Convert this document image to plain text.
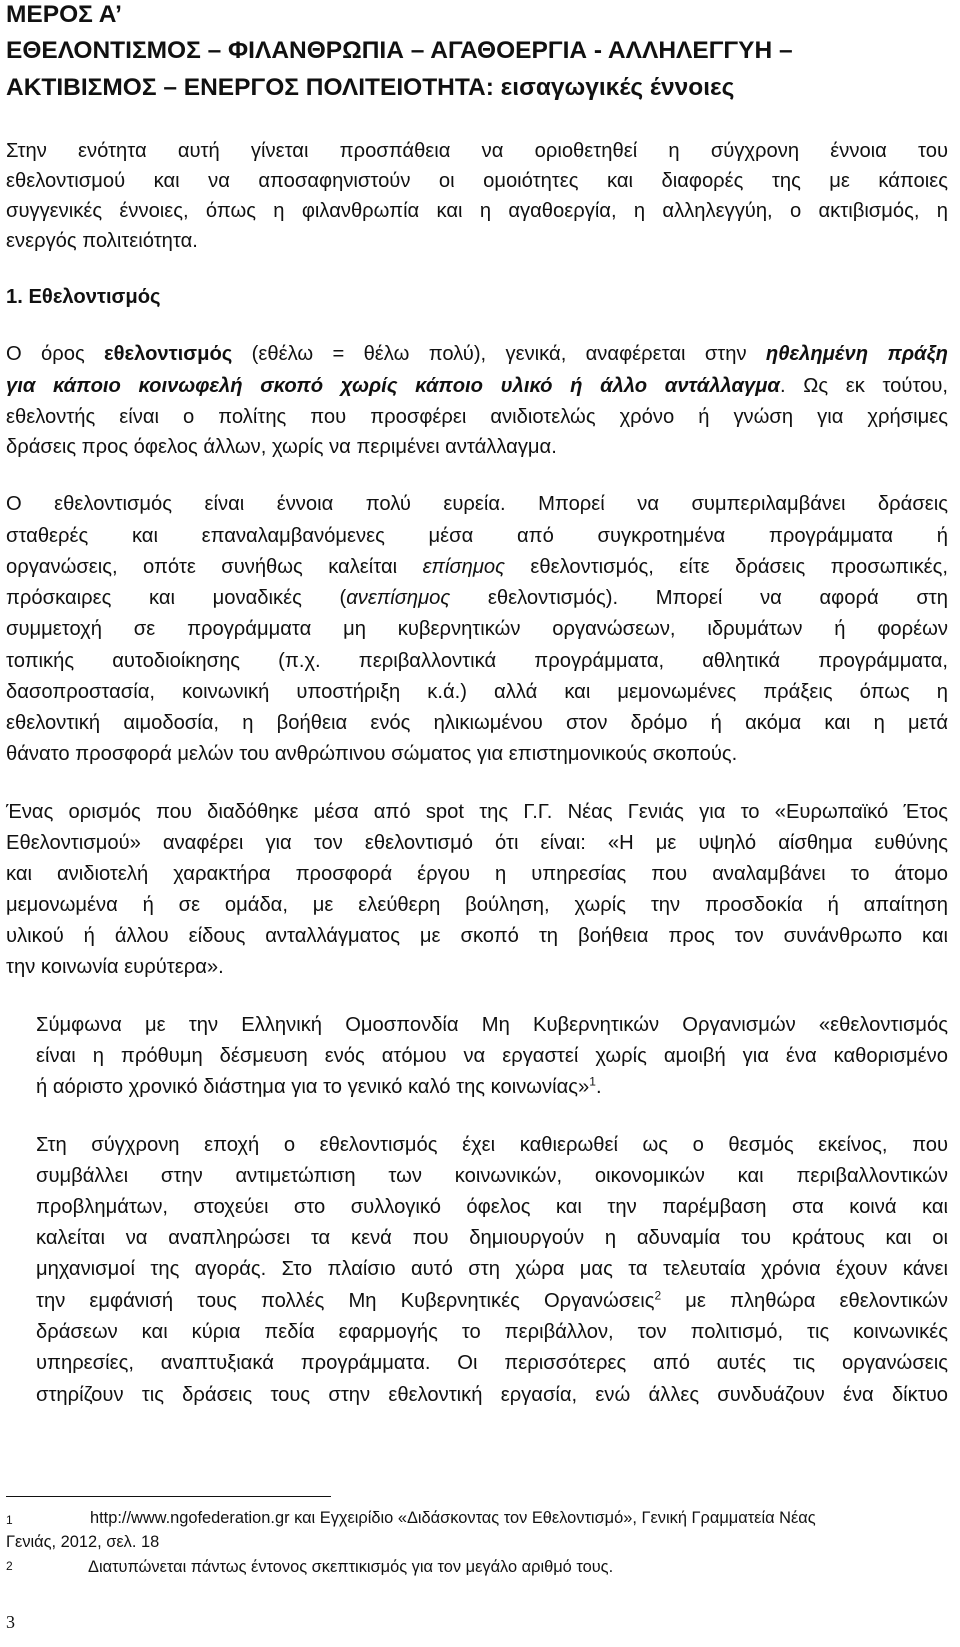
ΜΕΡΟΣ Α’
ΕΘΕΛΟΝΤΙΣΜΟΣ – ΦΙΛΑΝΘΡΩΠΙΑ – ΑΓΑΘΟΕΡΓΙΑ - ΑΛΛΗΛΕΓΓΥΗ –
ΑΚΤΙΒΙΣΜΟΣ – ΕΝΕΡΓΟΣ ΠΟΛΙΤΕΙΟΤΗΤΑ: εισαγωγικές έννοιες
Στην ενότητα αυτή γίνεται προσπάθεια να οριοθετηθεί η σύγχρονη έννοια του
εθελοντισμού και να αποσαφηνιστούν οι ομοιότητες και διαφορές της με κάποιες
συγγενικές έννοιες, όπως η φιλανθρωπία και η αγαθοεργία, η αλληλεγγύη, ο ακτιβισμός, η
ενεργός πολιτειότητα.
1. Εθελοντισμός
Ο όρος εθελοντισμός (εθέλω = θέλω πολύ), γενικά, αναφέρεται στην ηθελημένη πράξη
για κάποιο κοινωφελή σκοπό χωρίς κάποιο υλικό ή άλλο αντάλλαγμα. Ως εκ τούτου,
εθελοντής είναι ο πολίτης που προσφέρει ανιδιοτελώς χρόνο ή γνώση για χρήσιμες
δράσεις προς όφελος άλλων, χωρίς να περιμένει αντάλλαγμα.
Ο εθελοντισμός είναι έννοια πολύ ευρεία. Μπορεί να συμπεριλαμβάνει δράσεις
σταθερές και επαναλαμβανόμενες μέσα από συγκροτημένα προγράμματα ή
οργανώσεις, οπότε συνήθως καλείται επίσημος εθελοντισμός, είτε δράσεις προσωπικές,
πρόσκαιρες και μοναδικές (ανεπίσημος εθελοντισμός). Μπορεί να αφορά στη
συμμετοχή σε προγράμματα μη κυβερνητικών οργανώσεων, ιδρυμάτων ή φορέων
τοπικής αυτοδιοίκησης (π.χ. περιβαλλοντικά προγράμματα, αθλητικά προγράμματα,
δασοπροστασία, κοινωνική υποστήριξη κ.ά.) αλλά και μεμονωμένες πράξεις όπως η
εθελοντική αιμοδοσία, η βοήθεια ενός ηλικιωμένου στον δρόμο ή ακόμα και η μετά
θάνατο προσφορά μελών του ανθρώπινου σώματος για επιστημονικούς σκοπούς.
Ένας ορισμός που διαδόθηκε μέσα από spot της Γ.Γ. Νέας Γενιάς για το «Ευρωπαϊκό Έτος
Εθελοντισμού» αναφέρει για τον εθελοντισμό ότι είναι: «Η με υψηλό αίσθημα ευθύνης
και ανιδιοτελή χαρακτήρα προσφορά έργου η υπηρεσίας που αναλαμβάνει το άτομο
μεμονωμένα ή σε ομάδα, με ελεύθερη βούληση, χωρίς την προσδοκία ή απαίτηση
υλικού ή άλλου είδους ανταλλάγματος με σκοπό τη βοήθεια προς τον συνάνθρωπο και
την κοινωνία ευρύτερα».
Σύμφωνα με την Ελληνική Ομοσπονδία Μη Κυβερνητικών Οργανισμών «εθελοντισμός
είναι η πρόθυμη δέσμευση ενός ατόμου να εργαστεί χωρίς αμοιβή για ένα καθορισμένο
ή αόριστο χρονικό διάστημα για το γενικό καλό της κοινωνίας»$^1$.
Στη σύγχρονη εποχή ο εθελοντισμός έχει καθιερωθεί ως ο θεσμός εκείνος, που
συμβάλλει στην αντιμετώπιση των κοινωνικών, οικονομικών και περιβαλλοντικών
προβλημάτων, στοχεύει στο συλλογικό όφελος και την παρέμβαση στα κοινά και
καλείται να αναπληρώσει τα κενά που δημιουργούν η αδυναμία του κράτους και οι
μηχανισμοί της αγοράς. Στο πλαίσιο αυτό στη χώρα μας τα τελευταία χρόνια έχουν κάνει
την εμφάνισή τους πολλές Μη Κυβερνητικές Οργανώσεις$^2$ με πληθώρα εθελοντικών
δράσεων και κύρια πεδία εφαρμογής το περιβάλλον, τον πολιτισμό, τις κοινωνικές
υπηρεσίες, αναπτυξιακά προγράμματα. Οι περισσότερες από αυτές τις οργανώσεις
στηρίζουν τις δράσεις τους στην εθελοντική εργασία, ενώ άλλες συνδυάζουν ένα δίκτυο
1	http://www.ngofederation.gr και Εγχειρίδιο «Διδάσκοντας τον Εθελοντισμό», Γενική Γραμματεία Νέας
Γενιάς, 2012, σελ. 18
2	Διατυπώνεται πάντως έντονος σκεπτικισμός για τον μεγάλο αριθμό τους.
3
